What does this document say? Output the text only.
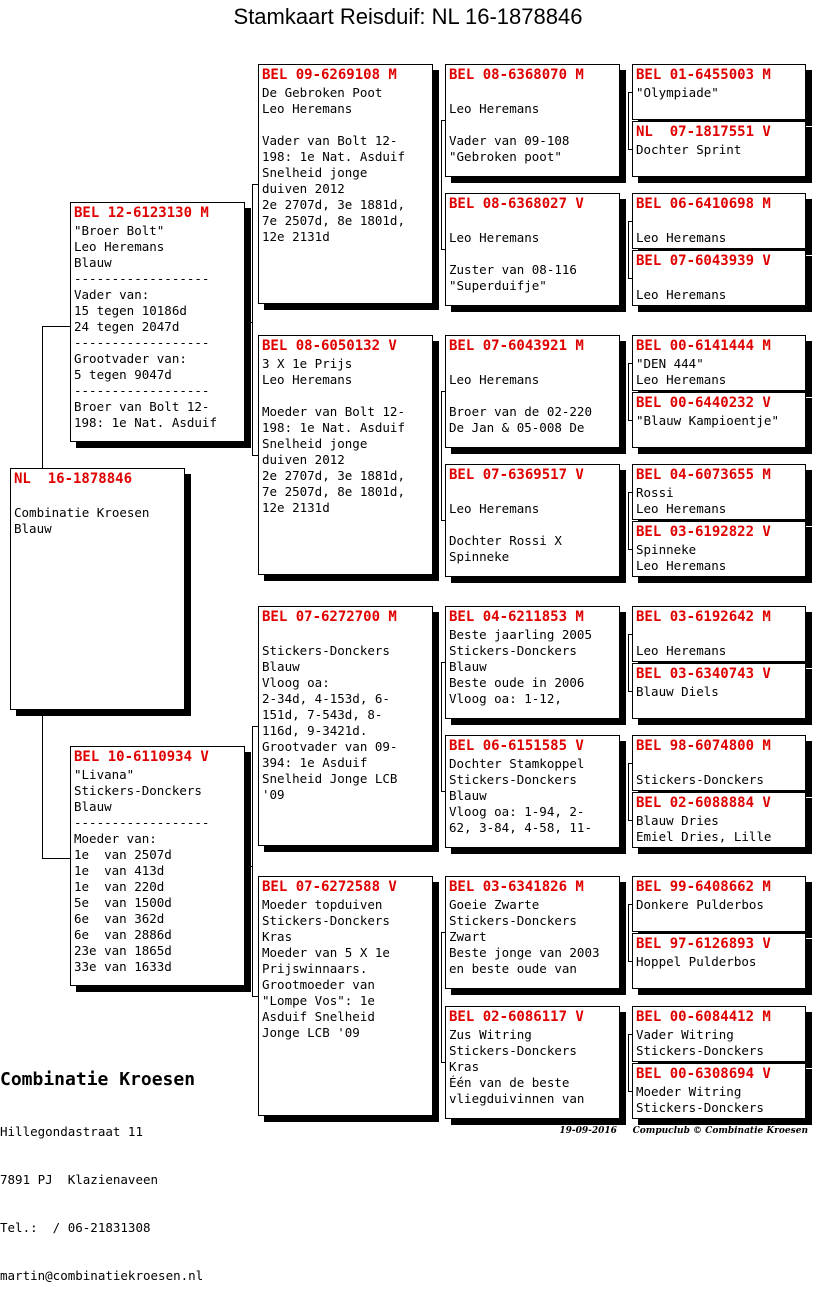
Stamkaart Reisduif: NL 16-1878846
NL  16-1878846

Combinatie Kroesen
Blauw
BEL 12-6123130 M
"Broer Bolt"
Leo Heremans
Blauw
------------------
Vader van:
15 tegen 10186d
24 tegen 2047d
------------------
Grootvader van:
5 tegen 9047d
------------------
Broer van Bolt 12-
198: 1e Nat. Asduif
BEL 10-6110934 V
"Livana"
Stickers-Donckers
Blauw
------------------
Moeder van:
1e  van 2507d
1e  van 413d
1e  van 220d
5e  van 1500d
6e  van 362d
6e  van 2886d
23e van 1865d
33e van 1633d
BEL 09-6269108 M
De Gebroken Poot
Leo Heremans

Vader van Bolt 12-
198: 1e Nat. Asduif
Snelheid jonge
duiven 2012
2e 2707d, 3e 1881d,
7e 2507d, 8e 1801d,
12e 2131d
BEL 08-6050132 V
3 X 1e Prijs
Leo Heremans

Moeder van Bolt 12-
198: 1e Nat. Asduif
Snelheid jonge
duiven 2012
2e 2707d, 3e 1881d,
7e 2507d, 8e 1801d,
12e 2131d
BEL 07-6272700 M

Stickers-Donckers
Blauw
Vloog oa:
2-34d, 4-153d, 6-
151d, 7-543d, 8-
116d, 9-3421d.
Grootvader van 09-
394: 1e Asduif
Snelheid Jonge LCB
'09
BEL 07-6272588 V
Moeder topduiven
Stickers-Donckers
Kras
Moeder van 5 X 1e
Prijswinnaars.
Grootmoeder van
"Lompe Vos": 1e
Asduif Snelheid
Jonge LCB '09
BEL 08-6368070 M

Leo Heremans

Vader van 09-108
"Gebroken poot"
BEL 08-6368027 V

Leo Heremans

Zuster van 08-116
"Superduifje"
BEL 07-6043921 M

Leo Heremans

Broer van de 02-220
De Jan & 05-008 De
BEL 07-6369517 V

Leo Heremans

Dochter Rossi X
Spinneke
BEL 04-6211853 M
Beste jaarling 2005
Stickers-Donckers
Blauw
Beste oude in 2006
Vloog oa: 1-12,
BEL 06-6151585 V
Dochter Stamkoppel
Stickers-Donckers
Blauw
Vloog oa: 1-94, 2-
62, 3-84, 4-58, 11-
BEL 03-6341826 M
Goeie Zwarte
Stickers-Donckers
Zwart
Beste jonge van 2003
en beste oude van
BEL 02-6086117 V
Zus Witring
Stickers-Donckers
Kras
Één van de beste
vliegduivinnen van
BEL 01-6455003 M
"Olympiade"
NL  07-1817551 V
Dochter Sprint
BEL 06-6410698 M

Leo Heremans
BEL 07-6043939 V

Leo Heremans
BEL 00-6141444 M
"DEN 444"
Leo Heremans
BEL 00-6440232 V
"Blauw Kampioentje"
BEL 04-6073655 M
Rossi
Leo Heremans
BEL 03-6192822 V
Spinneke
Leo Heremans
BEL 03-6192642 M

Leo Heremans
BEL 03-6340743 V
Blauw Diels
BEL 98-6074800 M

Stickers-Donckers
BEL 02-6088884 V
Blauw Dries
Emiel Dries, Lille
BEL 99-6408662 M
Donkere Pulderbos
BEL 97-6126893 V
Hoppel Pulderbos
BEL 00-6084412 M
Vader Witring
Stickers-Donckers
BEL 00-6308694 V
Moeder Witring
Stickers-Donckers

Combinatie Kroesen

Hillegondastraat 11

7891 PJ  Klazienaveen

Tel.:  / 06-21831308

martin@combinatiekroesen.nl

19-09-2016 Compuclub © Combinatie Kroesen
